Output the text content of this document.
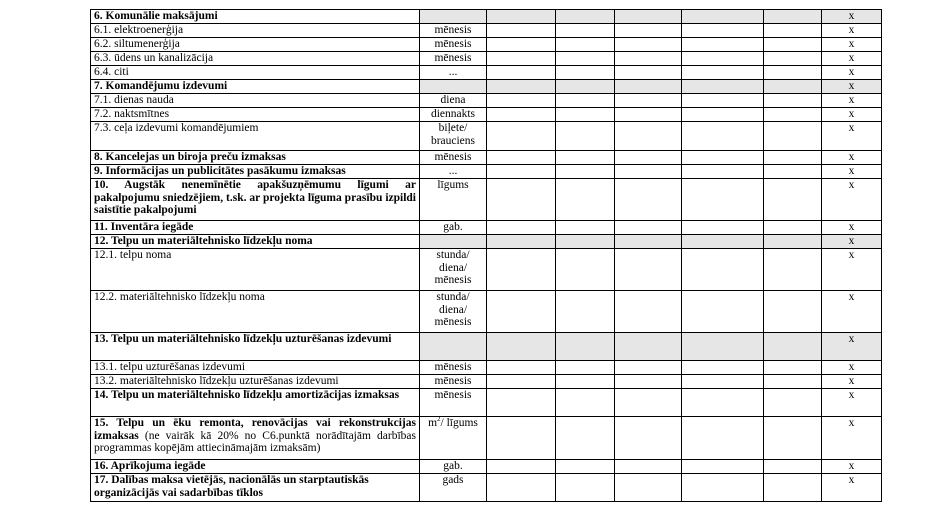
6. Komunālie maksājumi							x
6.1. elektroenerģija	mēnesis						x
6.2. siltumenerģija	mēnesis						x
6.3. ūdens un kanalizācija	mēnesis						x
6.4. citi	...						x
7. Komandējumu izdevumi							x
7.1. dienas nauda	diena						x
7.2. naktsmītnes	diennakts						x
7.3. ceļa izdevumi komandējumiem	biļete/ brauciens						x
8. Kancelejas un biroja preču izmaksas	mēnesis						x
9. Informācijas un publicitātes pasākumu izmaksas	...						x
10. Augstāk nenemīnētie apakšuzņēmumu līgumi ar pakalpojumu sniedzējiem, t.sk. ar projekta līguma prasību izpildi saistītie pakalpojumi	līgums						x
11. Inventāra iegāde	gab.						x
12. Telpu un materiāltehnisko līdzekļu noma							x
12.1. telpu noma	stunda/ diena/ mēnesis						x
12.2. materiāltehnisko līdzekļu noma	stunda/ diena/ mēnesis						x
13. Telpu un materiāltehnisko līdzekļu uzturēšanas izdevumi							x
13.1. telpu uzturēšanas izdevumi	mēnesis						x
13.2. materiāltehnisko līdzekļu uzturēšanas izdevumi	mēnesis						x
14. Telpu un materiāltehnisko līdzekļu amortizācijas izmaksas	mēnesis						x
15. Telpu un ēku remonta, renovācijas vai rekonstrukcijas izmaksas (ne vairāk kā 20% no C6.punktā norādītajām darbības programmas kopējām attiecināmajām izmaksām)	$m^2/$ līgums						x
16. Aprīkojuma iegāde	gab.						x
17. Dalības maksa vietējās, nacionālās un starptautiskās organizācijās vai sadarbības tīklos	gads						x
